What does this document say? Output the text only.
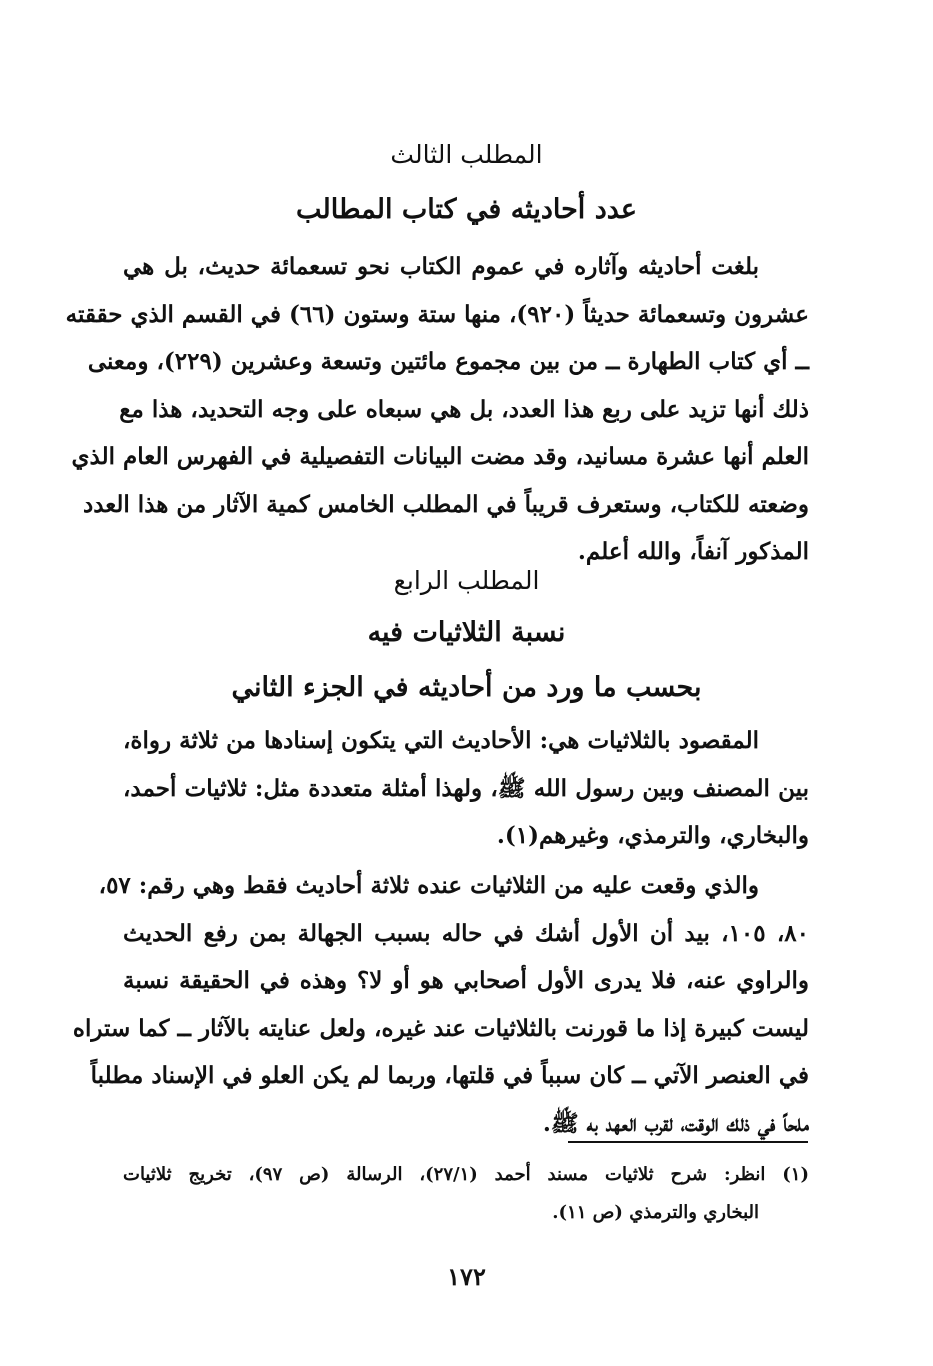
المطلب الثالث
عدد أحاديثه في كتاب المطالب
بلغت أحاديثه وآثاره في عموم الكتاب نحو تسعمائة حديث، بل هي
عشرون وتسعمائة حديثاً (٩٢٠)، منها ستة وستون (٦٦) في القسم الذي حققته
ــ أي كتاب الطهارة ــ من بين مجموع مائتين وتسعة وعشرين (٢٢٩)، ومعنى
ذلك أنها تزيد على ربع هذا العدد، بل هي سبعاه على وجه التحديد، هذا مع
العلم أنها عشرة مسانيد، وقد مضت البيانات التفصيلية في الفهرس العام الذي
وضعته للكتاب، وستعرف قريباً في المطلب الخامس كمية الآثار من هذا العدد
المذكور آنفاً، والله أعلم.
المطلب الرابع
نسبة الثلاثيات فيه
بحسب ما ورد من أحاديثه في الجزء الثاني
المقصود بالثلاثيات هي: الأحاديث التي يتكون إسنادها من ثلاثة رواة،
بين المصنف وبين رسول الله ﷺ، ولهذا أمثلة متعددة مثل: ثلاثيات أحمد،
والبخاري، والترمذي، وغيرهم(١).
والذي وقعت عليه من الثلاثيات عنده ثلاثة أحاديث فقط وهي رقم: ٥٧،
٨٠، ١٠٥، بيد أن الأول أشك في حاله بسبب الجهالة بمن رفع الحديث
والراوي عنه، فلا يدرى الأول أصحابي هو أو لا؟ وهذه في الحقيقة نسبة
ليست كبيرة إذا ما قورنت بالثلاثيات عند غيره، ولعل عنايته بالآثار ــ كما ستراه
في العنصر الآتي ــ كان سبباً في قلتها، وربما لم يكن العلو في الإسناد مطلباً
ملحاً في ذلك الوقت، لقرب العهد به ﷺ.
(١) انظر: شرح ثلاثيات مسند أحمد (٢٧/١)، الرسالة (ص ٩٧)، تخريج ثلاثيات
البخاري والترمذي (ص ١١).
١٧٢
